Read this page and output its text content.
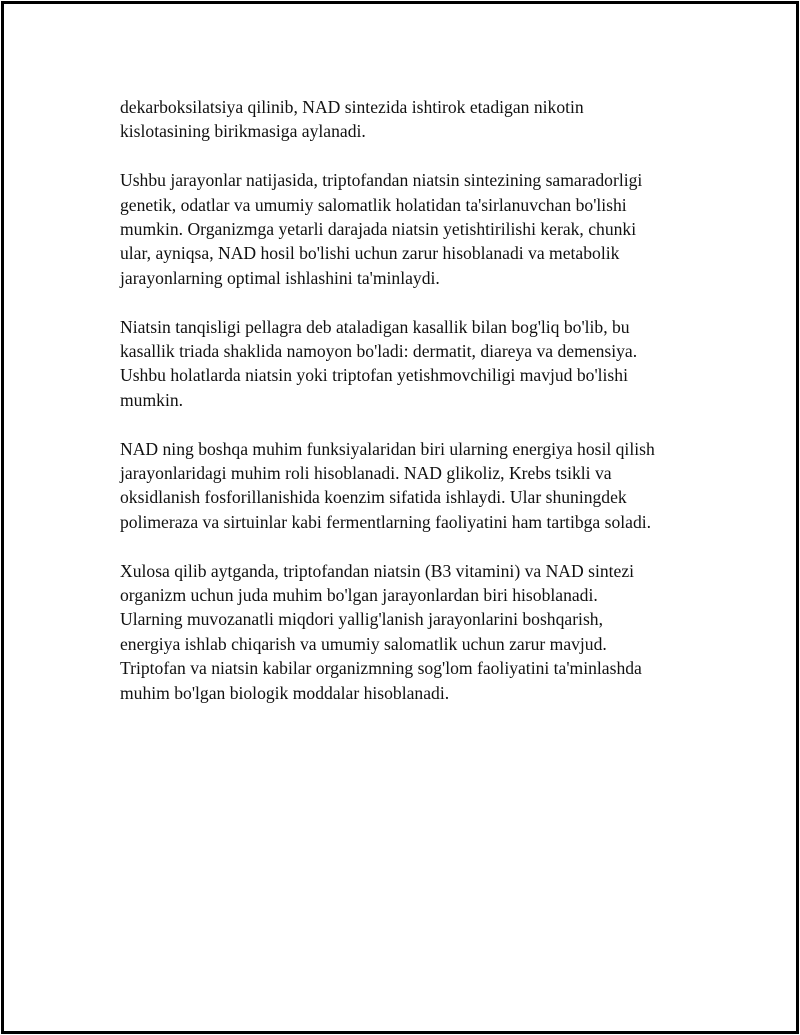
dekarboksilatsiya qilinib, NAD sintezida ishtirok etadigan nikotin
kislotasining birikmasiga aylanadi.

Ushbu jarayonlar natijasida, triptofandan niatsin sintezining samaradorligi
genetik, odatlar va umumiy salomatlik holatidan ta'sirlanuvchan bo'lishi
mumkin. Organizmga yetarli darajada niatsin yetishtirilishi kerak, chunki
ular, ayniqsa, NAD hosil bo'lishi uchun zarur hisoblanadi va metabolik
jarayonlarning optimal ishlashini ta'minlaydi.

Niatsin tanqisligi pellagra deb ataladigan kasallik bilan bog'liq bo'lib, bu
kasallik triada shaklida namoyon bo'ladi: dermatit, diareya va demensiya.
Ushbu holatlarda niatsin yoki triptofan yetishmovchiligi mavjud bo'lishi
mumkin.

NAD ning boshqa muhim funksiyalaridan biri ularning energiya hosil qilish
jarayonlaridagi muhim roli hisoblanadi. NAD glikoliz, Krebs tsikli va
oksidlanish fosforillanishida koenzim sifatida ishlaydi. Ular shuningdek
polimeraza va sirtuinlar kabi fermentlarning faoliyatini ham tartibga soladi.

Xulosa qilib aytganda, triptofandan niatsin (B3 vitamini) va NAD sintezi
organizm uchun juda muhim bo'lgan jarayonlardan biri hisoblanadi.
Ularning muvozanatli miqdori yallig'lanish jarayonlarini boshqarish,
energiya ishlab chiqarish va umumiy salomatlik uchun zarur mavjud.
Triptofan va niatsin kabilar organizmning sog'lom faoliyatini ta'minlashda
muhim bo'lgan biologik moddalar hisoblanadi.
